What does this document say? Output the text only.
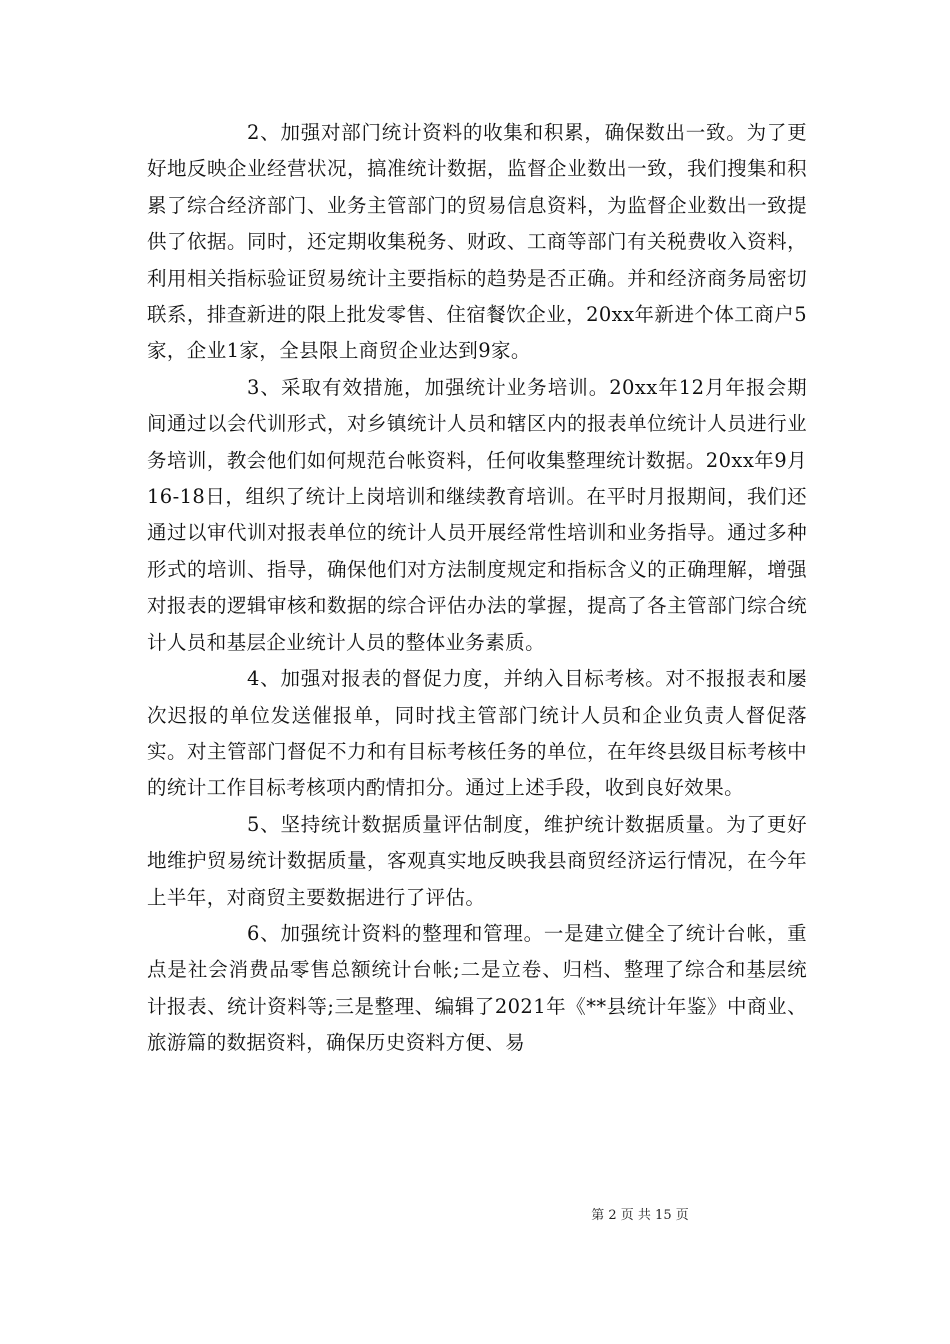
2、加强对部门统计资料的收集和积累，确保数出一致。为了更好地反映企业经营状况，搞准统计数据，监督企业数出一致，我们搜集和积累了综合经济部门、业务主管部门的贸易信息资料，为监督企业数出一致提供了依据。同时，还定期收集税务、财政、工商等部门有关税费收入资料，利用相关指标验证贸易统计主要指标的趋势是否正确。并和经济商务局密切联系，排查新进的限上批发零售、住宿餐饮企业，20xx年新进个体工商户5家，企业1家，全县限上商贸企业达到9家。

3、采取有效措施，加强统计业务培训。20xx年12月年报会期间通过以会代训形式，对乡镇统计人员和辖区内的报表单位统计人员进行业务培训，教会他们如何规范台帐资料，任何收集整理统计数据。20xx年9月16-18日，组织了统计上岗培训和继续教育培训。在平时月报期间，我们还通过以审代训对报表单位的统计人员开展经常性培训和业务指导。通过多种形式的培训、指导，确保他们对方法制度规定和指标含义的正确理解，增强对报表的逻辑审核和数据的综合评估办法的掌握，提高了各主管部门综合统计人员和基层企业统计人员的整体业务素质。

4、加强对报表的督促力度，并纳入目标考核。对不报报表和屡次迟报的单位发送催报单，同时找主管部门统计人员和企业负责人督促落实。对主管部门督促不力和有目标考核任务的单位，在年终县级目标考核中的统计工作目标考核项内酌情扣分。通过上述手段，收到良好效果。

5、坚持统计数据质量评估制度，维护统计数据质量。为了更好地维护贸易统计数据质量，客观真实地反映我县商贸经济运行情况，在今年上半年，对商贸主要数据进行了评估。

6、加强统计资料的整理和管理。一是建立健全了统计台帐，重点是社会消费品零售总额统计台帐;二是立卷、归档、整理了综合和基层统计报表、统计资料等;三是整理、编辑了2021年《**县统计年鉴》中商业、旅游篇的数据资料，确保历史资料方便、易

第 2 页 共 15 页
